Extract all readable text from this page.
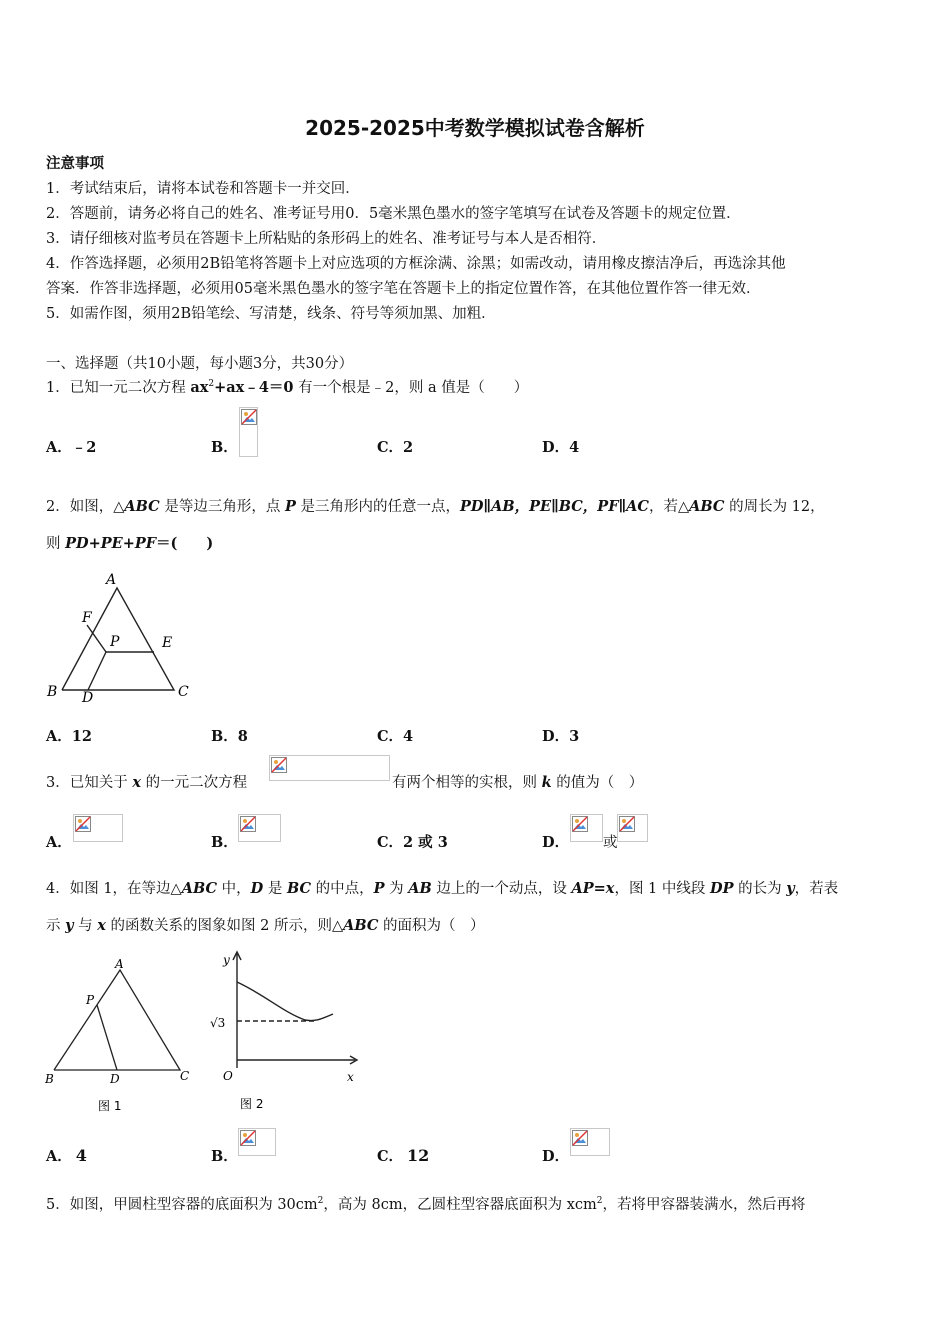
2025-2025中考数学模拟试卷含解析
注意事项
1．考试结束后，请将本试卷和答题卡一并交回．
2．答题前，请务必将自己的姓名、准考证号用0．5毫米黑色墨水的签字笔填写在试卷及答题卡的规定位置．
3．请仔细核对监考员在答题卡上所粘贴的条形码上的姓名、准考证号与本人是否相符．
4．作答选择题，必须用2B铅笔将答题卡上对应选项的方框涂满、涂黑；如需改动，请用橡皮擦洁净后，再选涂其他
答案．作答非选择题，必须用05毫米黑色墨水的签字笔在答题卡上的指定位置作答，在其他位置作答一律无效．
5．如需作图，须用2B铅笔绘、写清楚，线条、符号等须加黑、加粗．
一、选择题（共10小题，每小题3分，共30分）
1．已知一元二次方程 $ax^2+ax﹣4=0$ 有一个根是﹣2，则 a 值是（　　）
A．﹣2	B．	C．2	D．4
2．如图，△ABC 是等边三角形，点 P 是三角形内的任意一点，PD∥AB，PE∥BC，PF∥AC，若△ABC 的周长为 12，
则 PD+PE+PF＝(　　)
A
F
P	E
B D	C
A．12	B．8	C．4	D．3
3．已知关于 x 的一元二次方程	有两个相等的实根，则 k 的值为（　）
A．	B．	C．2 或 3	D． 或
4．如图 1，在等边△ABC 中，D 是 BC 的中点，P 为 AB 边上的一个动点，设 AP=x，图 1 中线段 DP 的长为 y，若表
示 y 与 x 的函数关系的图象如图 2 所示，则△ABC 的面积为（　）
A
P
B	D	C
图 1
y
√3
O	x
图 2
A． 4	B．	C． 12	D．
5．如图，甲圆柱型容器的底面积为 $30cm^2$，高为 8cm，乙圆柱型容器底面积为 xcm$^2$，若将甲容器装满水，然后再将
